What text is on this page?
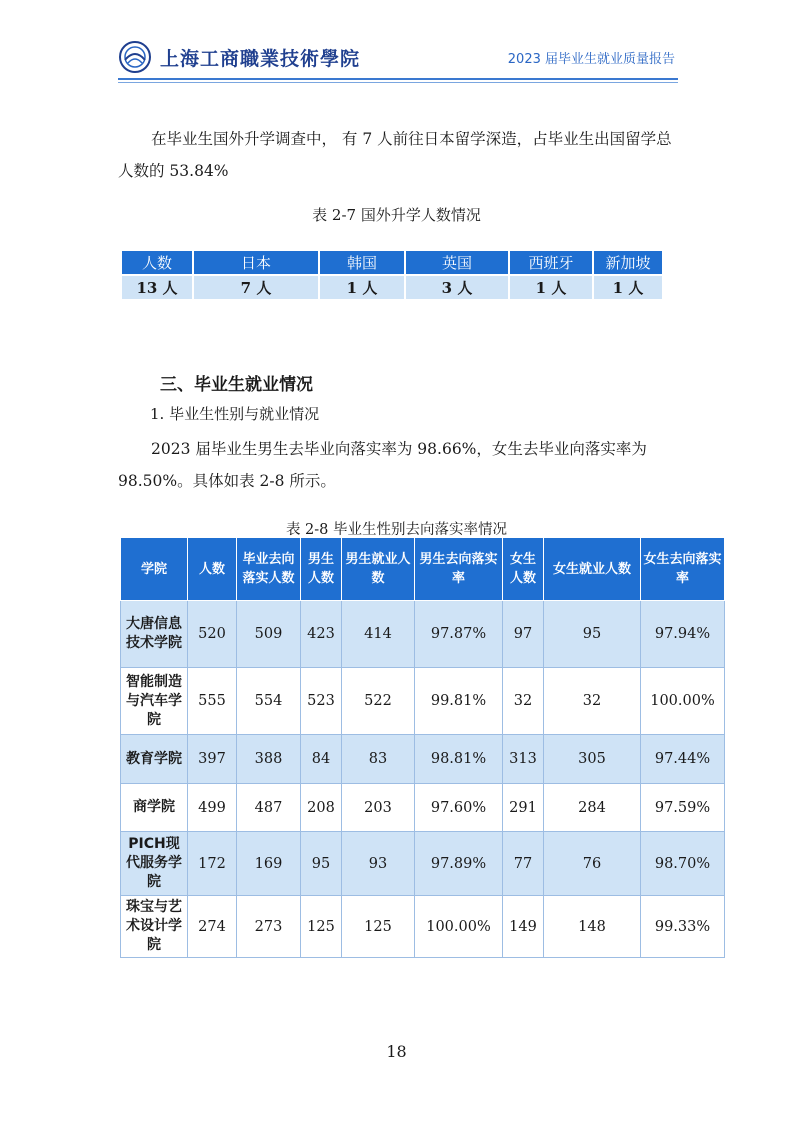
上海工商職業技術學院	2023 届毕业生就业质量报告
在毕业生国外升学调查中， 有 7 人前往日本留学深造，占毕业生出国留学总人数的 53.84%
表 2-7 国外升学人数情况
人数	日本	韩国	英国	西班牙	新加坡
13 人	7 人	1 人	3 人	1 人	1 人
三、毕业生就业情况
1. 毕业生性别与就业情况
2023 届毕业生男生去毕业向落实率为 98.66%，女生去毕业向落实率为 98.50%。具体如表 2-8 所示。
表 2-8 毕业生性别去向落实率情况
学院	人数	毕业去向落实人数	男生人数	男生就业人数	男生去向落实率	女生人数	女生就业人数	女生去向落实率
大唐信息技术学院	520	509	423	414	97.87%	97	95	97.94%
智能制造与汽车学院	555	554	523	522	99.81%	32	32	100.00%
教育学院	397	388	84	83	98.81%	313	305	97.44%
商学院	499	487	208	203	97.60%	291	284	97.59%
PICH现代服务学院	172	169	95	93	97.89%	77	76	98.70%
珠宝与艺术设计学院	274	273	125	125	100.00%	149	148	99.33%
18
